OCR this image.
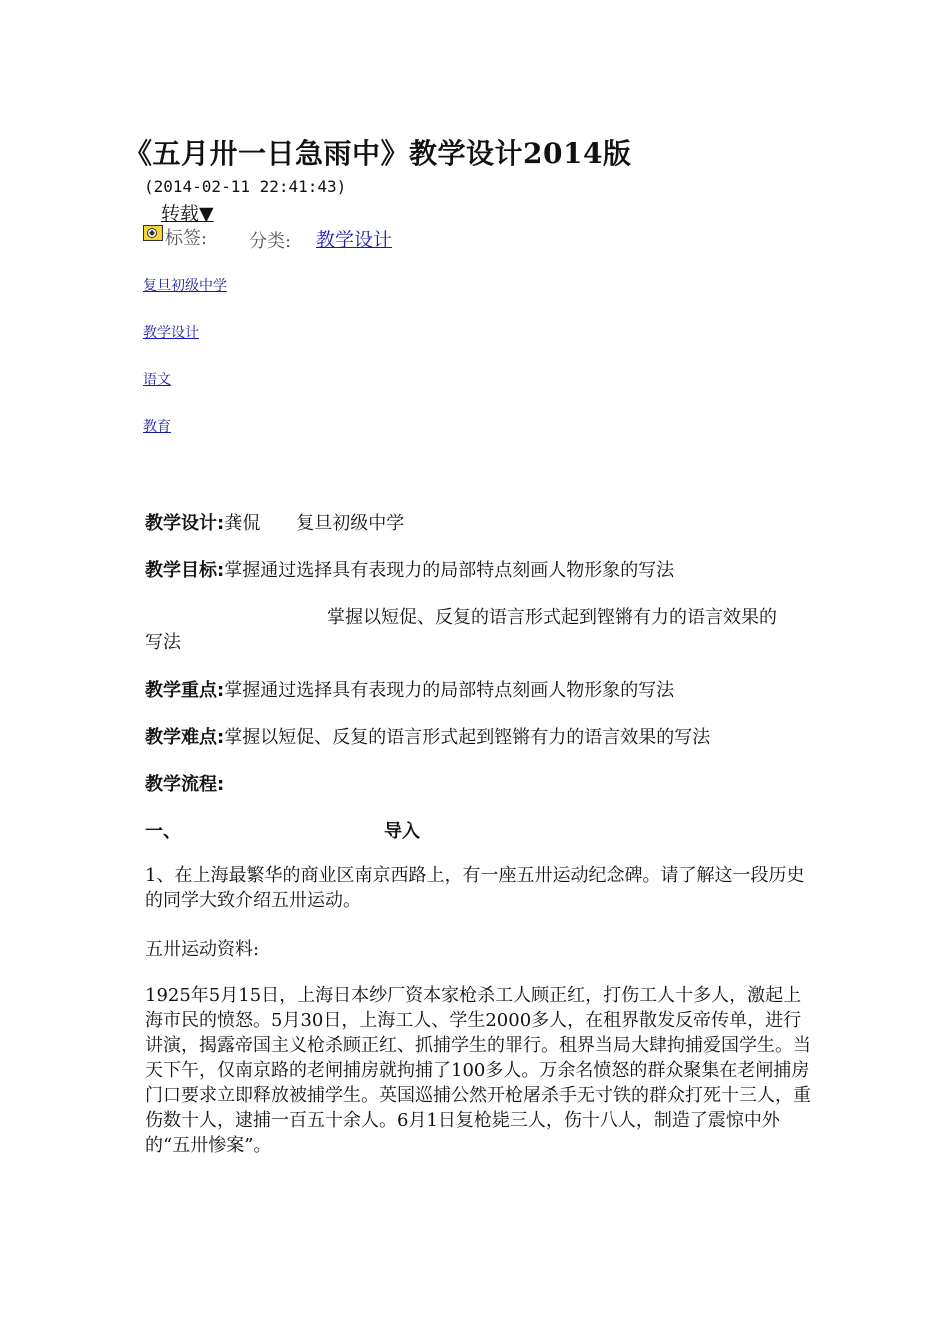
《五月卅一日急雨中》教学设计2014版
(2014-02-11 22:41:43)
转载▼
标签: 分类: 教学设计
复旦初级中学
教学设计
语文
教育
教学设计:龚侃　　复旦初级中学
教学目标:掌握通过选择具有表现力的局部特点刻画人物形象的写法
掌握以短促、反复的语言形式起到铿锵有力的语言效果的
写法
教学重点:掌握通过选择具有表现力的局部特点刻画人物形象的写法
教学难点:掌握以短促、反复的语言形式起到铿锵有力的语言效果的写法
教学流程:
一、	导入
1、在上海最繁华的商业区南京西路上，有一座五卅运动纪念碑。请了解这一段历史的同学大致介绍五卅运动。
五卅运动资料:
1925年5月15日，上海日本纱厂资本家枪杀工人顾正红，打伤工人十多人，激起上海市民的愤怒。5月30日，上海工人、学生2000多人，在租界散发反帝传单，进行讲演，揭露帝国主义枪杀顾正红、抓捕学生的罪行。租界当局大肆拘捕爱国学生。当天下午，仅南京路的老闸捕房就拘捕了100多人。万余名愤怒的群众聚集在老闸捕房门口要求立即释放被捕学生。英国巡捕公然开枪屠杀手无寸铁的群众打死十三人，重伤数十人，逮捕一百五十余人。6月1日复枪毙三人，伤十八人，制造了震惊中外的“五卅惨案”。
